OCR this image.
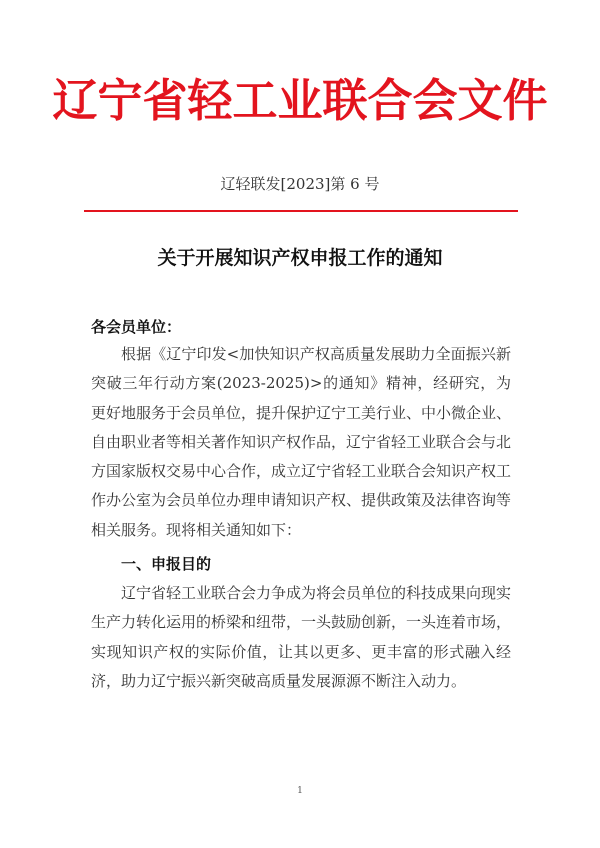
辽宁省轻工业联合会文件
辽轻联发[2023]第 6 号
关于开展知识产权申报工作的通知
各会员单位：

根据《辽宁印发<加快知识产权高质量发展助力全面振兴新突破三年行动方案(2023-2025)>的通知》精神，经研究，为更好地服务于会员单位，提升保护辽宁工美行业、中小微企业、自由职业者等相关著作知识产权作品，辽宁省轻工业联合会与北方国家版权交易中心合作，成立辽宁省轻工业联合会知识产权工作办公室为会员单位办理申请知识产权、提供政策及法律咨询等相关服务。现将相关通知如下：

一、申报目的

辽宁省轻工业联合会力争成为将会员单位的科技成果向现实生产力转化运用的桥梁和纽带，一头鼓励创新，一头连着市场，实现知识产权的实际价值，让其以更多、更丰富的形式融入经济，助力辽宁振兴新突破高质量发展源源不断注入动力。

1
